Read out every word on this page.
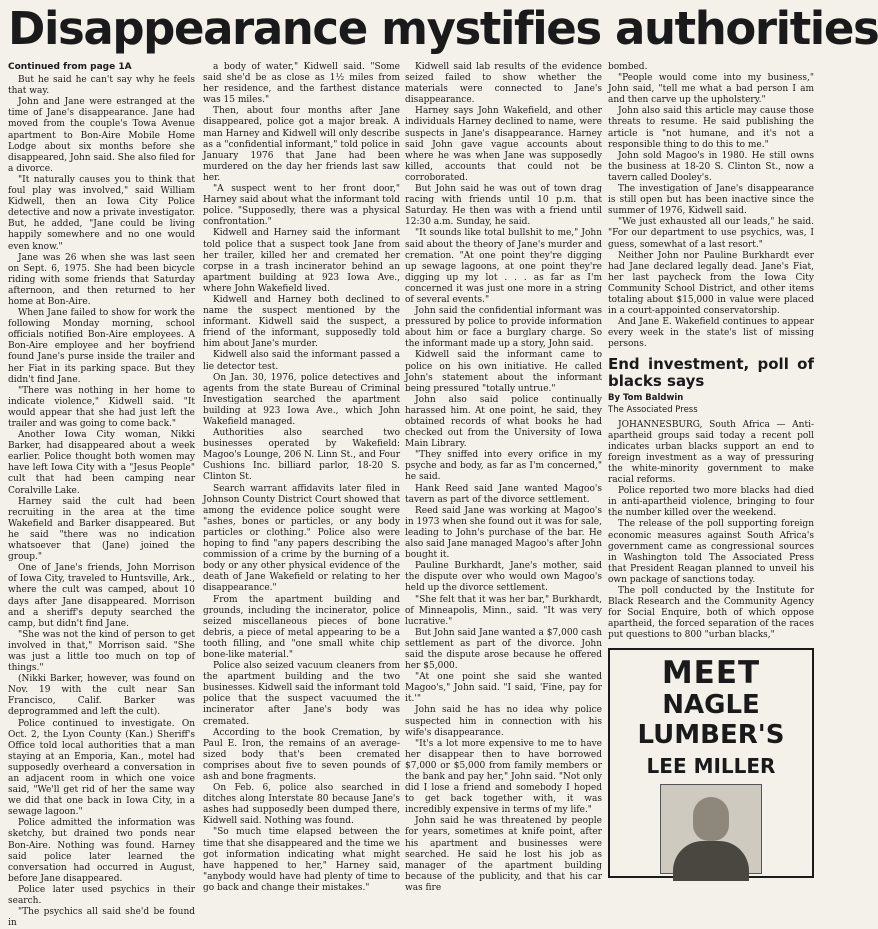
Disappearance mystifies authorities
Continued from page 1A

But he said he can't say why he feels that way.

John and Jane were estranged at the time of Jane's disappearance. Jane had moved from the couple's Towa Avenue apartment to Bon-Aire Mobile Home Lodge about six months before she disappeared, John said. She also filed for a divorce.

"It naturally causes you to think that foul play was involved," said William Kidwell, then an Iowa City Police detective and now a private investigator. But, he added, "Jane could be living happily somewhere and no one would even know."

Jane was 26 when she was last seen on Sept. 6, 1975. She had been bicycle riding with some friends that Saturday afternoon, and then returned to her home at Bon-Aire.

When Jane failed to show for work the following Monday morning, school officials notified Bon-Aire employees. A Bon-Aire employee and her boyfriend found Jane's purse inside the trailer and her Fiat in its parking space. But they didn't find Jane.

"There was nothing in her home to indicate violence," Kidwell said. "It would appear that she had just left the trailer and was going to come back."

Another Iowa City woman, Nikki Barker, had disappeared about a week earlier. Police thought both women may have left Iowa City with a "Jesus People" cult that had been camping near Coralville Lake.

Harney said the cult had been recruiting in the area at the time Wakefield and Barker disappeared. But he said "there was no indication whatsoever that (Jane) joined the group."

One of Jane's friends, John Morrison of Iowa City, traveled to Huntsville, Ark., where the cult was camped, about 10 days after Jane disappeared. Morrison and a sheriff's deputy searched the camp, but didn't find Jane.

"She was not the kind of person to get involved in that," Morrison said. "She was just a little too much on top of things."

(Nikki Barker, however, was found on Nov. 19 with the cult near San Francisco, Calif. Barker was deprogrammed and left the cult).

Police continued to investigate. On Oct. 2, the Lyon County (Kan.) Sheriff's Office told local authorities that a man staying at an Emporia, Kan., motel had supposedly overheard a conversation in an adjacent room in which one voice said, "We'll get rid of her the same way we did that one back in Iowa City, in a sewage lagoon."

Police admitted the information was sketchy, but drained two ponds near Bon-Aire. Nothing was found. Harney said police later learned the conversation had occurred in August, before Jane disappeared.

Police later used psychics in their search.

"The psychics all said she'd be found in

a body of water," Kidwell said. "Some said she'd be as close as 1½ miles from her residence, and the farthest distance was 15 miles."

Then, about four months after Jane disappeared, police got a major break. A man Harney and Kidwell will only describe as a "confidential informant," told police in January 1976 that Jane had been murdered on the day her friends last saw her.

"A suspect went to her front door," Harney said about what the informant told police. "Supposedly, there was a physical confrontation."

Kidwell and Harney said the informant told police that a suspect took Jane from her trailer, killed her and cremated her corpse in a trash incinerator behind an apartment building at 923 Iowa Ave., where John Wakefield lived.

Kidwell and Harney both declined to name the suspect mentioned by the informant. Kidwell said the suspect, a friend of the informant, supposedly told him about Jane's murder.

Kidwell also said the informant passed a lie detector test.

On Jan. 30, 1976, police detectives and agents from the state Bureau of Criminal Investigation searched the apartment building at 923 Iowa Ave., which John Wakefield managed.

Authorities also searched two businesses operated by Wakefield: Magoo's Lounge, 206 N. Linn St., and Four Cushions Inc. billiard parlor, 18-20 S. Clinton St.

Search warrant affidavits later filed in Johnson County District Court showed that among the evidence police sought were "ashes, bones or particles, or any body particles or clothing." Police also were hoping to find "any papers describing the commission of a crime by the burning of a body or any other physical evidence of the death of Jane Wakefield or relating to her disappearance."

From the apartment building and grounds, including the incinerator, police seized miscellaneous pieces of bone debris, a piece of metal appearing to be a tooth filling, and "one small white chip bone-like material."

Police also seized vacuum cleaners from the apartment building and the two businesses. Kidwell said the informant told police that the suspect vacuumed the incinerator after Jane's body was cremated.

According to the book Cremation, by Paul E. Iron, the remains of an average-sized body that's been cremated comprises about five to seven pounds of ash and bone fragments.

On Feb. 6, police also searched in ditches along Interstate 80 because Jane's ashes had supposedly been dumped there, Kidwell said. Nothing was found.

"So much time elapsed between the time that she disappeared and the time we got information indicating what might have happened to her," Harney said, "anybody would have had plenty of time to go back and change their mistakes."

Kidwell said lab results of the evidence seized failed to show whether the materials were connected to Jane's disappearance.

Harney says John Wakefield, and other individuals Harney declined to name, were suspects in Jane's disappearance. Harney said John gave vague accounts about where he was when Jane was supposedly killed, accounts that could not be corroborated.

But John said he was out of town drag racing with friends until 10 p.m. that Saturday. He then was with a friend until 12:30 a.m. Sunday, he said.

"It sounds like total bullshit to me," John said about the theory of Jane's murder and cremation. "At one point they're digging up sewage lagoons, at one point they're digging up my lot . . . as far as I'm concerned it was just one more in a string of several events."

John said the confidential informant was pressured by police to provide information about him or face a burglary charge. So the informant made up a story, John said.

Kidwell said the informant came to police on his own initiative. He called John's statement about the informant being pressured "totally untrue."

John also said police continually harassed him. At one point, he said, they obtained records of what books he had checked out from the University of Iowa Main Library.

"They sniffed into every orifice in my psyche and body, as far as I'm concerned," he said.

Hank Reed said Jane wanted Magoo's tavern as part of the divorce settlement.

Reed said Jane was working at Magoo's in 1973 when she found out it was for sale, leading to John's purchase of the bar. He also said Jane managed Magoo's after John bought it.

Pauline Burkhardt, Jane's mother, said the dispute over who would own Magoo's held up the divorce settlement.

"She felt that it was her bar," Burkhardt, of Minneapolis, Minn., said. "It was very lucrative."

But John said Jane wanted a $7,000 cash settlement as part of the divorce. John said the dispute arose because he offered her $5,000.

"At one point she said she wanted Magoo's," John said. "I said, 'Fine, pay for it.'"

John said he has no idea why police suspected him in connection with his wife's disappearance.

"It's a lot more expensive to me to have her disappear then to have borrowed $7,000 or $5,000 from family members or the bank and pay her," John said. "Not only did I lose a friend and somebody I hoped to get back together with, it was incredibly expensive in terms of my life."

John said he was threatened by people for years, sometimes at knife point, after his apartment and businesses were searched. He said he lost his job as manager of the apartment building because of the publicity, and that his car was fire

bombed.

"People would come into my business," John said, "tell me what a bad person I am and then carve up the upholstery."

John also said this article may cause those threats to resume. He said publishing the article is "not humane, and it's not a responsible thing to do this to me."

John sold Magoo's in 1980. He still owns the business at 18-20 S. Clinton St., now a tavern called Dooley's.

The investigation of Jane's disappearance is still open but has been inactive since the summer of 1976, Kidwell said.

"We just exhausted all our leads," he said. "For our department to use psychics, was, I guess, somewhat of a last resort."

Neither John nor Pauline Burkhardt ever had Jane declared legally dead. Jane's Fiat, her last paycheck from the Iowa City Community School District, and other items totaling about $15,000 in value were placed in a court-appointed conservatorship.

And Jane E. Wakefield continues to appear every week in the state's list of missing persons.

End investment, poll of blacks says
By Tom Baldwin
The Associated Press

JOHANNESBURG, South Africa — Anti-apartheid groups said today a recent poll indicates urban blacks support an end to foreign investment as a way of pressuring the white-minority government to make racial reforms.

Police reported two more blacks had died in anti-apartheid violence, bringing to four the number killed over the weekend.

The release of the poll supporting foreign economic measures against South Africa's government came as congressional sources in Washington told The Associated Press that President Reagan planned to unveil his own package of sanctions today.

The poll conducted by the Institute for Black Research and the Community Agency for Social Enquire, both of which oppose apartheid, the forced separation of the races put questions to 800 "urban blacks,"

MEET
NAGLE
LUMBER'S
LEE MILLER
